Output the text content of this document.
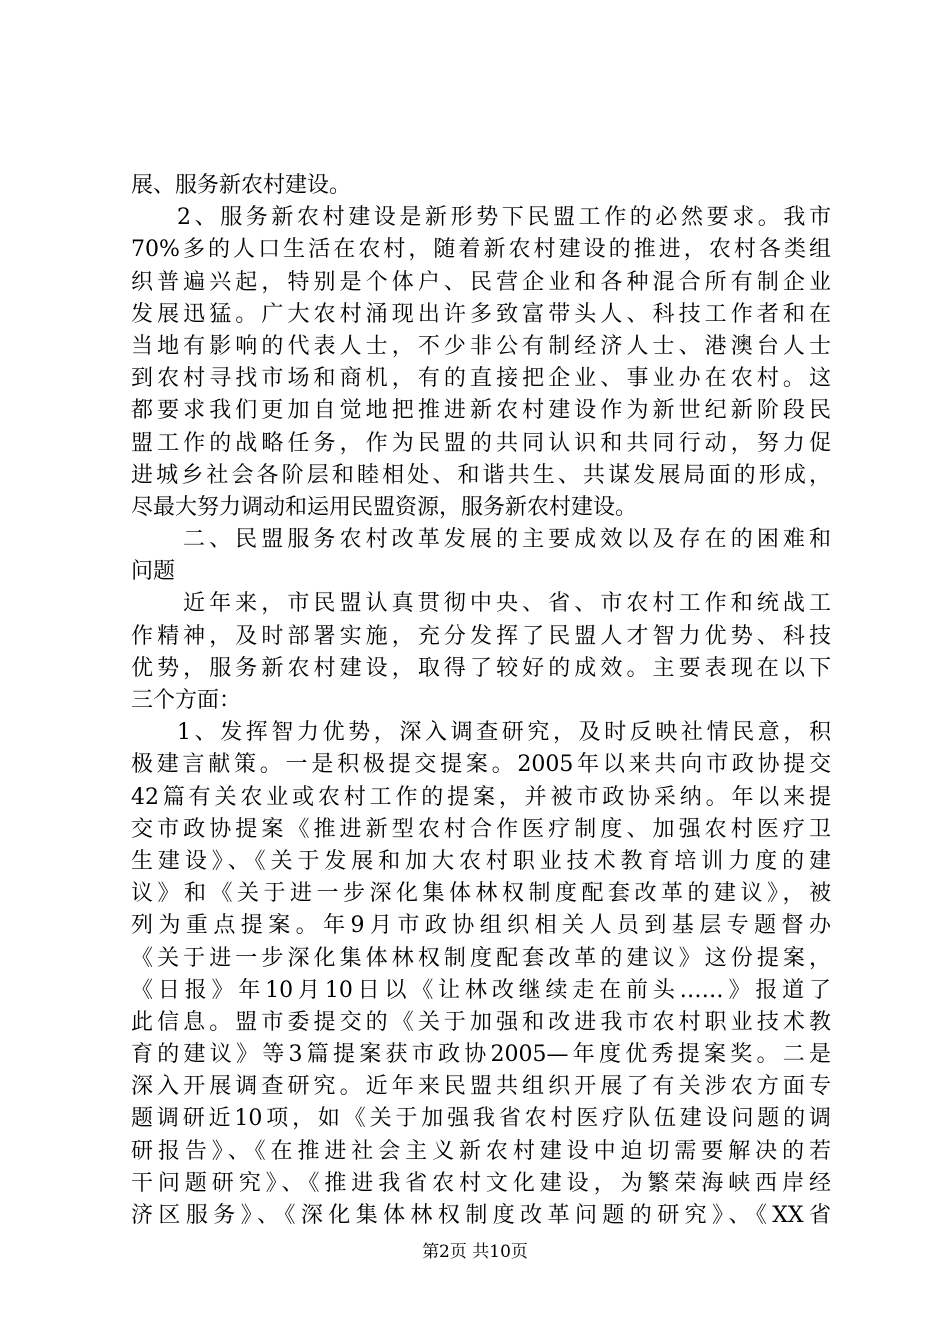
展、服务新农村建设。
2、服务新农村建设是新形势下民盟工作的必然要求。我市
70%多的人口生活在农村，随着新农村建设的推进，农村各类组
织普遍兴起，特别是个体户、民营企业和各种混合所有制企业
发展迅猛。广大农村涌现出许多致富带头人、科技工作者和在
当地有影响的代表人士，不少非公有制经济人士、港澳台人士
到农村寻找市场和商机，有的直接把企业、事业办在农村。这
都要求我们更加自觉地把推进新农村建设作为新世纪新阶段民
盟工作的战略任务，作为民盟的共同认识和共同行动，努力促
进城乡社会各阶层和睦相处、和谐共生、共谋发展局面的形成，
尽最大努力调动和运用民盟资源，服务新农村建设。
二、民盟服务农村改革发展的主要成效以及存在的困难和
问题
近年来，市民盟认真贯彻中央、省、市农村工作和统战工
作精神，及时部署实施，充分发挥了民盟人才智力优势、科技
优势，服务新农村建设，取得了较好的成效。主要表现在以下
三个方面：
1、发挥智力优势，深入调查研究，及时反映社情民意，积
极建言献策。一是积极提交提案。2005年以来共向市政协提交
42篇有关农业或农村工作的提案，并被市政协采纳。年以来提
交市政协提案《推进新型农村合作医疗制度、加强农村医疗卫
生建设》、《关于发展和加大农村职业技术教育培训力度的建
议》和《关于进一步深化集体林权制度配套改革的建议》，被
列为重点提案。年9月市政协组织相关人员到基层专题督办
《关于进一步深化集体林权制度配套改革的建议》这份提案，
《日报》年10月10日以《让林改继续走在前头……》报道了
此信息。盟市委提交的《关于加强和改进我市农村职业技术教
育的建议》等3篇提案获市政协2005—年度优秀提案奖。二是
深入开展调查研究。近年来民盟共组织开展了有关涉农方面专
题调研近10项，如《关于加强我省农村医疗队伍建设问题的调
研报告》、《在推进社会主义新农村建设中迫切需要解决的若
干问题研究》、《推进我省农村文化建设，为繁荣海峡西岸经
济区服务》、《深化集体林权制度改革问题的研究》、《XX省
第2页 共10页
